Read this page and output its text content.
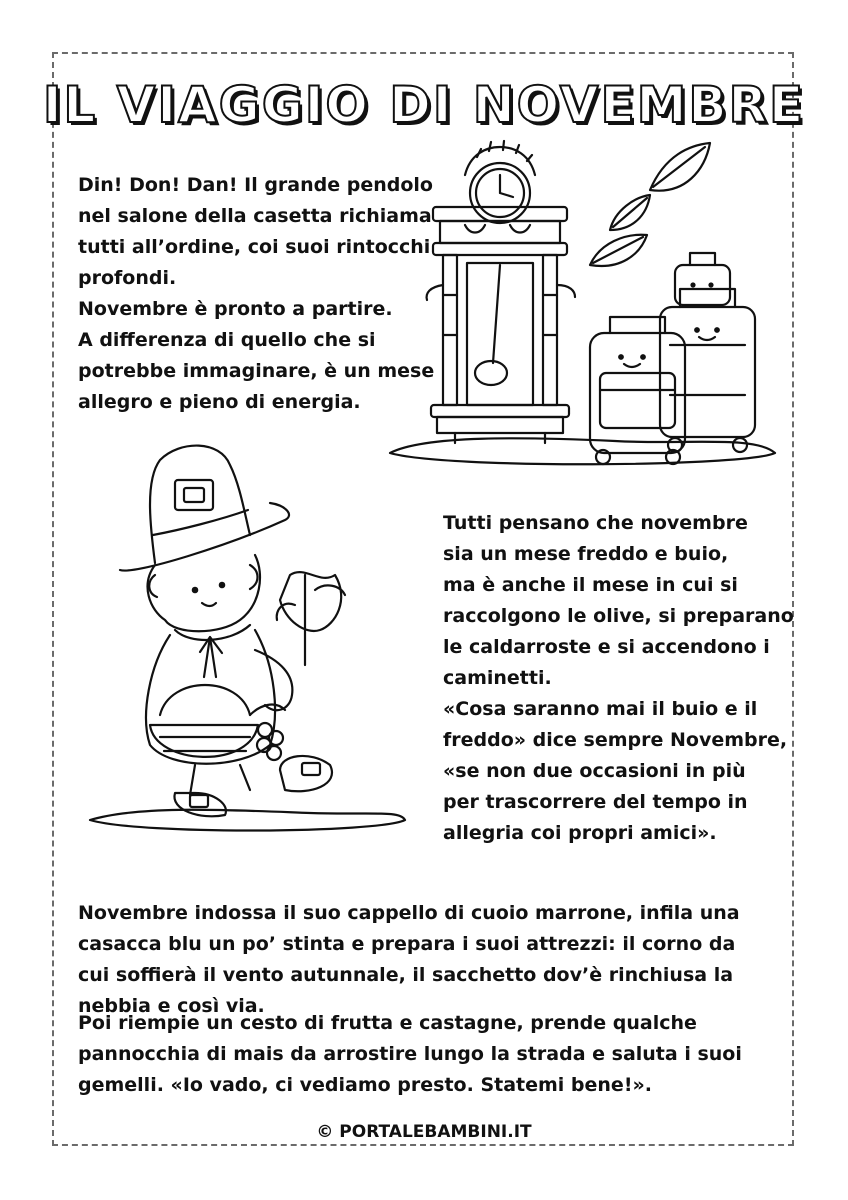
IL VIAGGIO DI NOVEMBRE
Din! Don! Dan! Il grande pendolo
nel salone della casetta richiama
tutti all’ordine, coi suoi rintocchi
profondi.
Novembre è pronto a partire.
A differenza di quello che si
potrebbe immaginare, è un mese
allegro e pieno di energia.
Tutti pensano che novembre
sia un mese freddo e buio,
ma è anche il mese in cui si
raccolgono le olive, si preparano
le caldarroste e si accendono i
caminetti.
«Cosa saranno mai il buio e il
freddo» dice sempre Novembre,
«se non due occasioni in più
per trascorrere del tempo in
allegria coi propri amici».

Novembre indossa il suo cappello di cuoio marrone, infila una casacca blu un po’ stinta e prepara i suoi attrezzi: il corno da cui soffierà il vento autunnale, il sacchetto dov’è rinchiusa la nebbia e così via.

Poi riempie un cesto di frutta e castagne, prende qualche pannocchia di mais da arrostire lungo la strada e saluta i suoi gemelli. «Io vado, ci vediamo presto. Statemi bene!».

© PORTALEBAMBINI.IT
